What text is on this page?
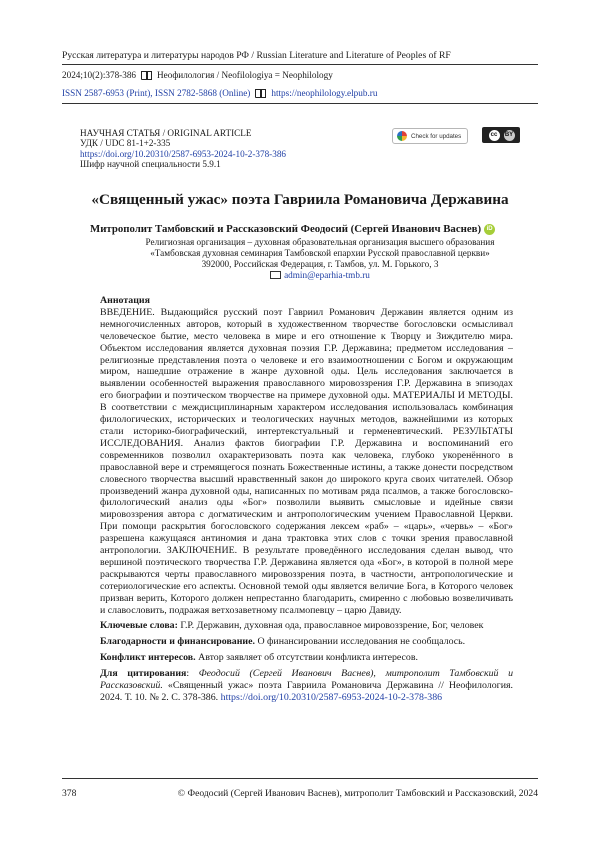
Русская литература и литературы народов РФ / Russian Literature and Literature of Peoples of RF
2024;10(2):378-386 Неофилология / Neofilologiya = Neophilology
ISSN 2587-6953 (Print), ISSN 2782-5868 (Online) https://neophilology.elpub.ru
НАУЧНАЯ СТАТЬЯ / ORIGINAL ARTICLE
УДК / UDC 81-1+2-335
https://doi.org/10.20310/2587-6953-2024-10-2-378-386
Шифр научной специальности 5.9.1
Check for updates	cc	BY
«Священный ужас» поэта Гавриила Романовича Державина
Митрополит Тамбовский и Рассказовский Феодосий (Сергей Иванович Васнев) iD
Религиозная организация – духовная образовательная организация высшего образования
«Тамбовская духовная семинария Тамбовской епархии Русской православной церкви»
392000, Российская Федерация, г. Тамбов, ул. М. Горького, 3
admin@eparhia-tmb.ru
Аннотация

ВВЕДЕНИЕ. Выдающийся русский поэт Гавриил Романович Державин является одним из немногочисленных авторов, который в художественном творчестве богословски осмысливал человеческое бытие, место человека в мире и его отношение к Творцу и Зиждителю мира. Объектом исследования является духовная поэзия Г.Р. Державина; предметом исследования – религиозные представления поэта о человеке и его взаимоотношении с Богом и окружающим миром, нашедшие отражение в жанре духовной оды. Цель исследования заключается в выявлении особенностей выражения православного мировоззрения Г.Р. Державина в эпизодах его биографии и поэтическом творчестве на примере духовной оды. МАТЕРИАЛЫ И МЕТОДЫ. В соответствии с междисциплинарным характером исследования использовалась комбинация филологических, исторических и теологических научных методов, важнейшими из которых стали историко-биографический, интертекстуальный и герменевтический. РЕЗУЛЬТАТЫ ИССЛЕДОВАНИЯ. Анализ фактов биографии Г.Р. Державина и воспоминаний его современников позволил охарактеризовать поэта как человека, глубоко укоренённого в православной вере и стремящегося познать Божественные истины, а также донести посредством словесного творчества высший нравственный закон до широкого круга своих читателей. Обзор произведений жанра духовной оды, написанных по мотивам ряда псалмов, а также богословско-филологический анализ оды «Бог» позволили выявить смысловые и идейные связи мировоззрения автора с догматическим и антропологическим учением Православной Церкви. При помощи раскрытия богословского содержания лексем «раб» – «царь», «червь» – «Бог» разрешена кажущаяся антиномия и дана трактовка этих слов с точки зрения православной антропологии. ЗАКЛЮЧЕНИЕ. В результате проведённого исследования сделан вывод, что вершиной поэтического творчества Г.Р. Державина является ода «Бог», в которой в полной мере раскрываются черты православного мировоззрения поэта, в частности, антропологические и сотериологические его аспекты. Основной темой оды является величие Бога, в Которого человек призван верить, Которого должен непрестанно благодарить, смиренно с любовью возвеличивать и славословить, подражая ветхозаветному псалмопевцу – царю Давиду.

Ключевые слова: Г.Р. Державин, духовная ода, православное мировоззрение, Бог, человек
Благодарности и финансирование. О финансировании исследования не сообщалось.
Конфликт интересов. Автор заявляет об отсутствии конфликта интересов.
Для цитирования: Феодосий (Сергей Иванович Васнев), митрополит Тамбовский и Рассказовский. «Священный ужас» поэта Гавриила Романовича Державина // Неофилология. 2024. Т. 10. № 2. С. 378-386. https://doi.org/10.20310/2587-6953-2024-10-2-378-386
378	© Феодосий (Сергей Иванович Васнев), митрополит Тамбовский и Рассказовский, 2024
